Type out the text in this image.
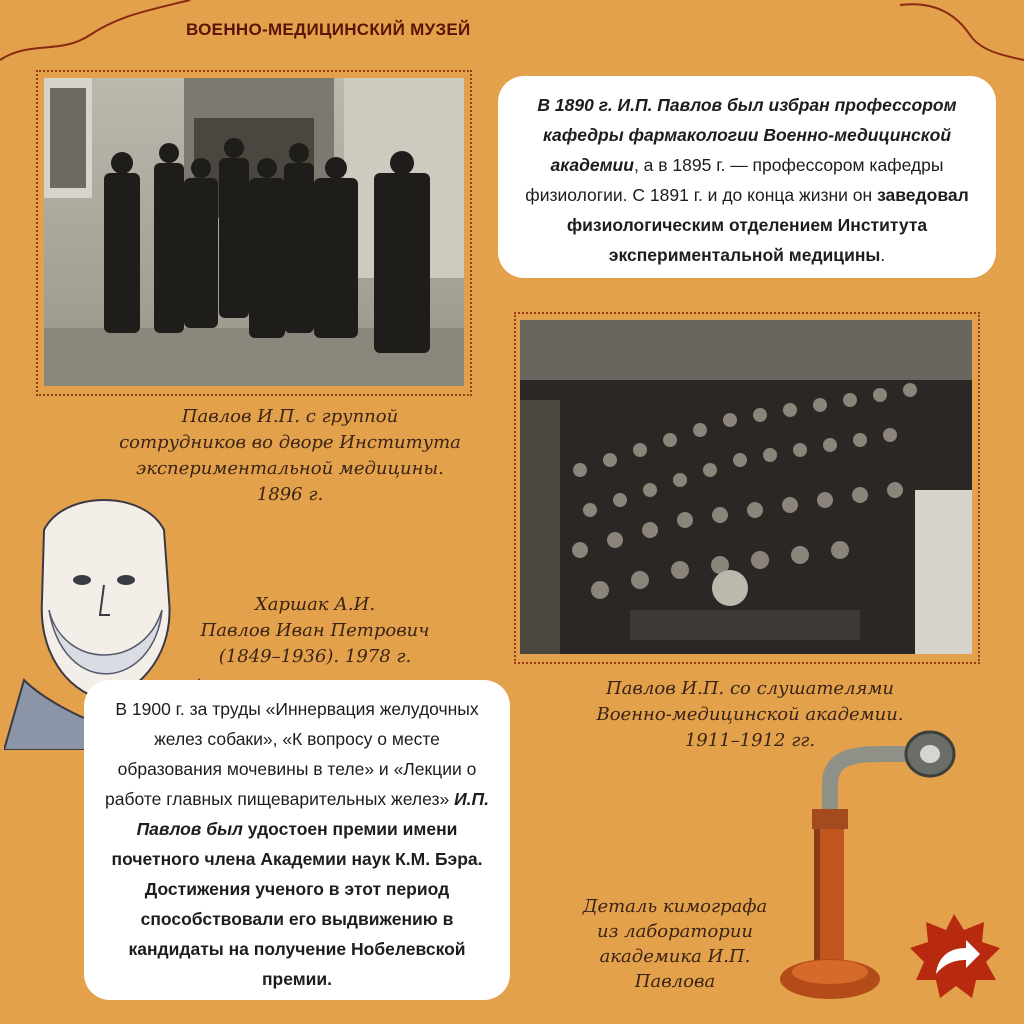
ВОЕННО-МЕДИЦИНСКИЙ МУЗЕЙ
Павлов И.П. с группой
сотрудников во дворе Института
экспериментальной медицины.
1896 г.
В 1890 г. И.П. Павлов был избран профессором кафедры фармакологии Военно-медицинской академии, а в 1895 г. — профессором кафедры физиологии. С 1891 г. и до конца жизни он заведовал физиологическим отделением Института экспериментальной медицины.
Павлов И.П. со слушателями
Военно-медицинской академии.
1911–1912 гг.
Харшак А.И.
Павлов Иван Петрович
(1849–1936). 1978 г.
В 1900 г. за труды «Иннервация желудочных желез собаки», «К вопросу о месте образования мочевины в теле» и «Лекции о работе главных пищеварительных желез» И.П. Павлов был удостоен премии имени почетного члена Академии наук К.М. Бэра. Достижения ученого в этот период способствовали его выдвижению в кандидаты на получение Нобелевской премии.
Деталь кимографа
из лаборатории
академика И.П.
Павлова
